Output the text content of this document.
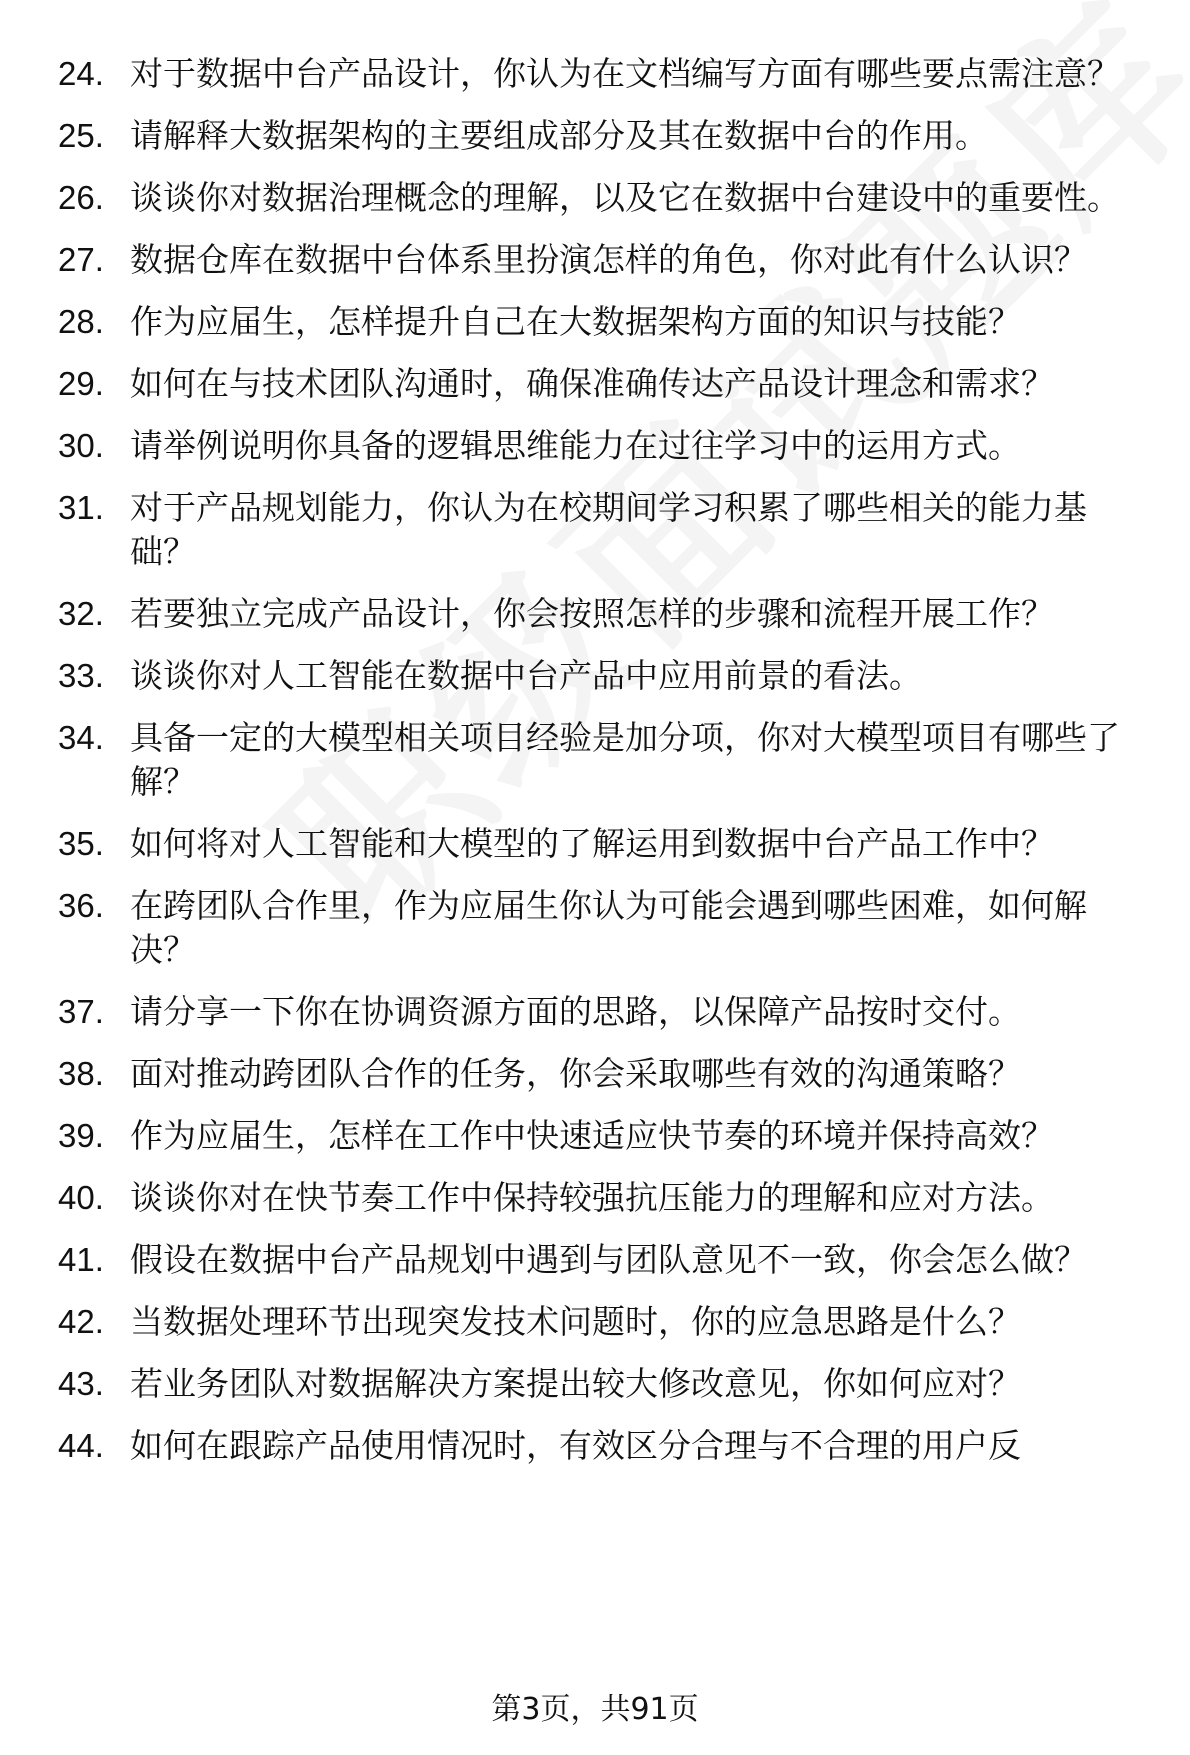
24. 对于数据中台产品设计，你认为在文档编写方面有哪些要点需注意？
25. 请解释大数据架构的主要组成部分及其在数据中台的作用。
26. 谈谈你对数据治理概念的理解，以及它在数据中台建设中的重要性。
27. 数据仓库在数据中台体系里扮演怎样的角色，你对此有什么认识？
28. 作为应届生，怎样提升自己在大数据架构方面的知识与技能？
29. 如何在与技术团队沟通时，确保准确传达产品设计理念和需求？
30. 请举例说明你具备的逻辑思维能力在过往学习中的运用方式。
31. 对于产品规划能力，你认为在校期间学习积累了哪些相关的能力基础？
32. 若要独立完成产品设计，你会按照怎样的步骤和流程开展工作？
33. 谈谈你对人工智能在数据中台产品中应用前景的看法。
34. 具备一定的大模型相关项目经验是加分项，你对大模型项目有哪些了解？
35. 如何将对人工智能和大模型的了解运用到数据中台产品工作中？
36. 在跨团队合作里，作为应届生你认为可能会遇到哪些困难，如何解决？
37. 请分享一下你在协调资源方面的思路，以保障产品按时交付。
38. 面对推动跨团队合作的任务，你会采取哪些有效的沟通策略？
39. 作为应届生，怎样在工作中快速适应快节奏的环境并保持高效？
40. 谈谈你对在快节奏工作中保持较强抗压能力的理解和应对方法。
41. 假设在数据中台产品规划中遇到与团队意见不一致，你会怎么做？
42. 当数据处理环节出现突发技术问题时，你的应急思路是什么？
43. 若业务团队对数据解决方案提出较大修改意见，你如何应对？
44. 如何在跟踪产品使用情况时，有效区分合理与不合理的用户反
第3页，共91页
